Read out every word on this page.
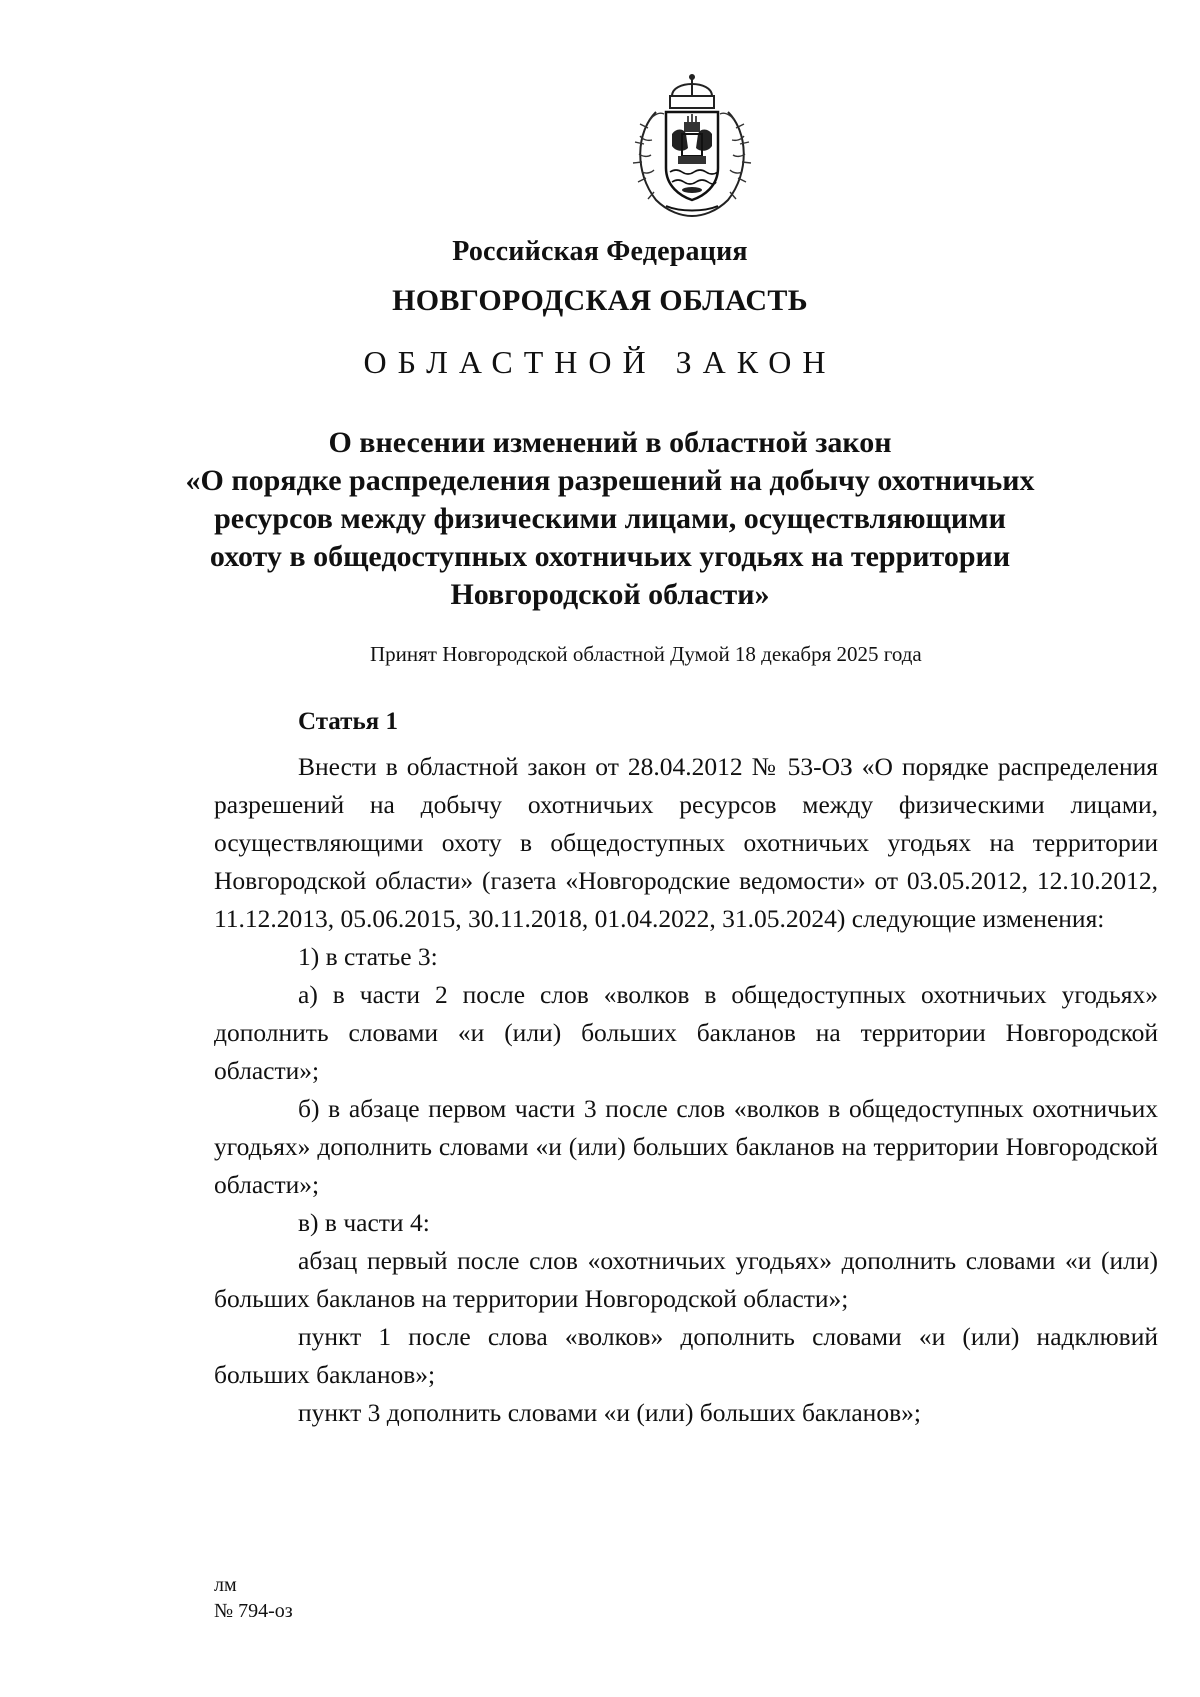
Российская Федерация
НОВГОРОДСКАЯ ОБЛАСТЬ
ОБЛАСТНОЙ ЗАКОН
О внесении изменений в областной закон
«О порядке распределения разрешений на добычу охотничьих
ресурсов между физическими лицами, осуществляющими
охоту в общедоступных охотничьих угодьях на территории
Новгородской области»
Принят Новгородской областной Думой 18 декабря 2025 года
Статья 1

Внести в областной закон от 28.04.2012 № 53-ОЗ «О порядке распределения разрешений на добычу охотничьих ресурсов между физическими лицами, осуществляющими охоту в общедоступных охотничьих угодьях на территории Новгородской области» (газета «Новгородские ведомости» от 03.05.2012, 12.10.2012, 11.12.2013, 05.06.2015, 30.11.2018, 01.04.2022, 31.05.2024) следующие изменения:

1) в статье 3:

а) в части 2 после слов «волков в общедоступных охотничьих угодьях» дополнить словами «и (или) больших бакланов на территории Новгородской области»;

б) в абзаце первом части 3 после слов «волков в общедоступных охотничьих угодьях» дополнить словами «и (или) больших бакланов на территории Новгородской области»;

в) в части 4:

абзац первый после слов «охотничьих угодьях» дополнить словами «и (или) больших бакланов на территории Новгородской области»;

пункт 1 после слова «волков» дополнить словами «и (или) надклювий больших бакланов»;

пункт 3 дополнить словами «и (или) больших бакланов»;

лм
№ 794-оз
